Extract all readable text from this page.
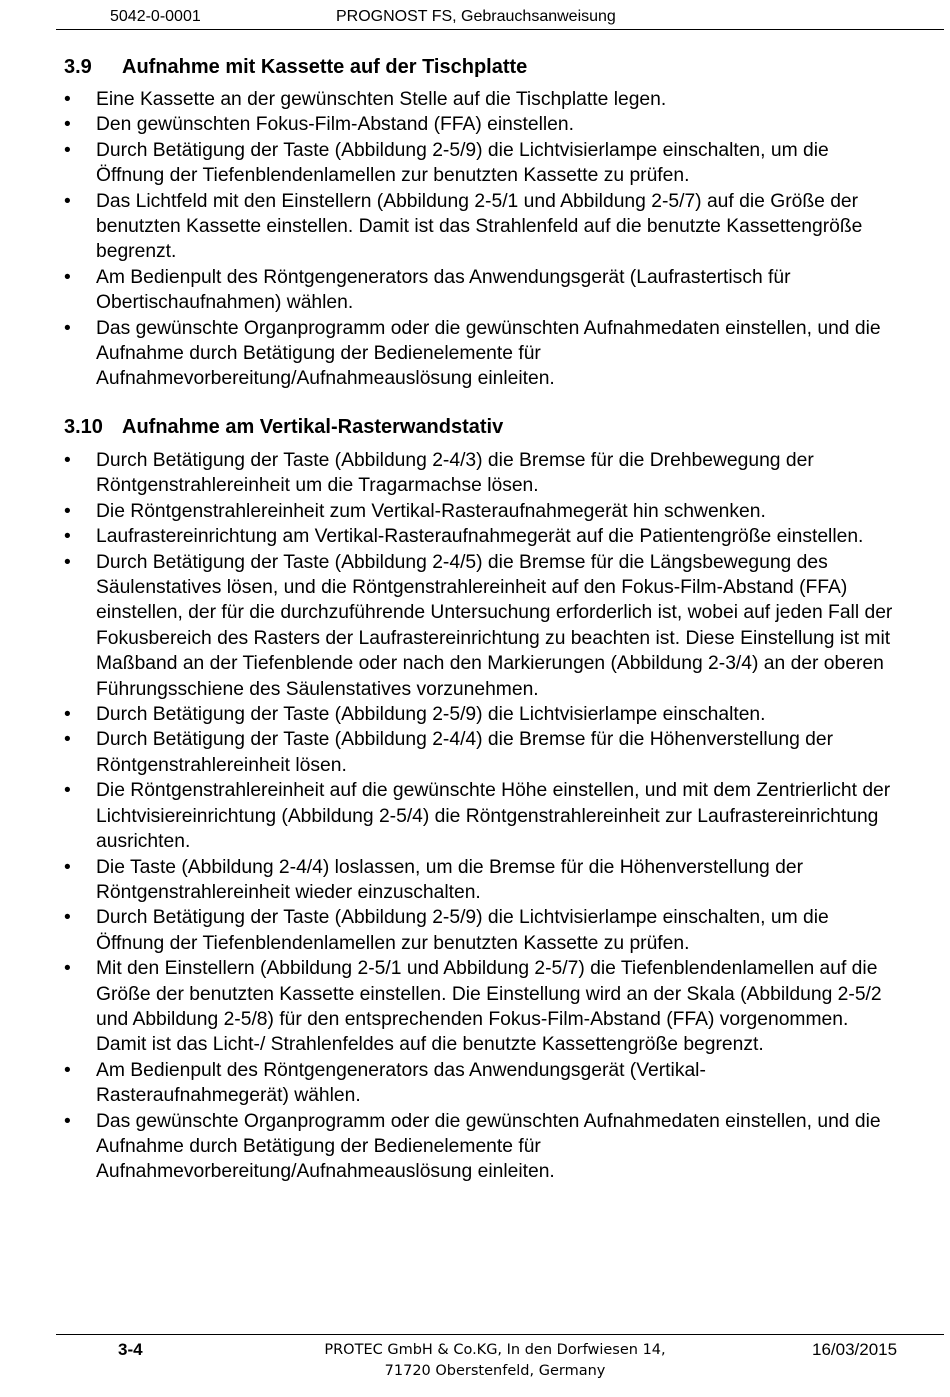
5042-0-0001	PROGNOST FS, Gebrauchsanweisung
3.9 Aufnahme mit Kassette auf der Tischplatte
• Eine Kassette an der gewünschten Stelle auf die Tischplatte legen.
• Den gewünschten Fokus-Film-Abstand (FFA) einstellen.
• Durch Betätigung der Taste (Abbildung 2-5/9) die Lichtvisierlampe einschalten, um die Öffnung der Tiefenblendenlamellen zur benutzten Kassette zu prüfen.
• Das Lichtfeld mit den Einstellern (Abbildung 2-5/1 und Abbildung 2-5/7) auf die Größe der benutzten Kassette einstellen. Damit ist das Strahlenfeld auf die benutzte Kassettengröße begrenzt.
• Am Bedienpult des Röntgengenerators das Anwendungsgerät (Laufrastertisch für Obertischaufnahmen) wählen.
• Das gewünschte Organprogramm oder die gewünschten Aufnahmedaten einstellen, und die Aufnahme durch Betätigung der Bedienelemente für Aufnahmevorbereitung/Aufnahmeauslösung einleiten.
3.10 Aufnahme am Vertikal-Rasterwandstativ
• Durch Betätigung der Taste (Abbildung 2-4/3) die Bremse für die Drehbewegung der Röntgenstrahlereinheit um die Tragarmachse lösen.
• Die Röntgenstrahlereinheit zum Vertikal-Rasteraufnahmegerät hin schwenken.
• Laufrastereinrichtung am Vertikal-Rasteraufnahmegerät auf die Patientengröße einstellen.
• Durch Betätigung der Taste (Abbildung 2-4/5) die Bremse für die Längsbewegung des Säulenstatives lösen, und die Röntgenstrahlereinheit auf den Fokus-Film-Abstand (FFA) einstellen, der für die durchzuführende Untersuchung erforderlich ist, wobei auf jeden Fall der Fokusbereich des Rasters der Laufrastereinrichtung zu beachten ist. Diese Einstellung ist mit Maßband an der Tiefenblende oder nach den Markierungen (Abbildung 2-3/4) an der oberen Führungsschiene des Säulenstatives vorzunehmen.
• Durch Betätigung der Taste (Abbildung 2-5/9) die Lichtvisierlampe einschalten.
• Durch Betätigung der Taste (Abbildung 2-4/4) die Bremse für die Höhenverstellung der Röntgenstrahlereinheit lösen.
• Die Röntgenstrahlereinheit auf die gewünschte Höhe einstellen, und mit dem Zentrierlicht der Lichtvisiereinrichtung (Abbildung 2-5/4) die Röntgenstrahlereinheit zur Laufrastereinrichtung ausrichten.
• Die Taste (Abbildung 2-4/4) loslassen, um die Bremse für die Höhenverstellung der Röntgenstrahlereinheit wieder einzuschalten.
• Durch Betätigung der Taste (Abbildung 2-5/9) die Lichtvisierlampe einschalten, um die Öffnung der Tiefenblendenlamellen zur benutzten Kassette zu prüfen.
• Mit den Einstellern (Abbildung 2-5/1 und Abbildung 2-5/7) die Tiefenblendenlamellen auf die Größe der benutzten Kassette einstellen. Die Einstellung wird an der Skala (Abbildung 2-5/2 und Abbildung 2-5/8) für den entsprechenden Fokus-Film-Abstand (FFA) vorgenommen. Damit ist das Licht-/ Strahlenfeldes auf die benutzte Kassettengröße begrenzt.
• Am Bedienpult des Röntgengenerators das Anwendungsgerät (Vertikal-Rasteraufnahmegerät) wählen.
• Das gewünschte Organprogramm oder die gewünschten Aufnahmedaten einstellen, und die Aufnahme durch Betätigung der Bedienelemente für Aufnahmevorbereitung/Aufnahmeauslösung einleiten.
3-4	PROTEC GmbH & Co.KG, In den Dorfwiesen 14,
71720 Oberstenfeld, Germany
16/03/2015
